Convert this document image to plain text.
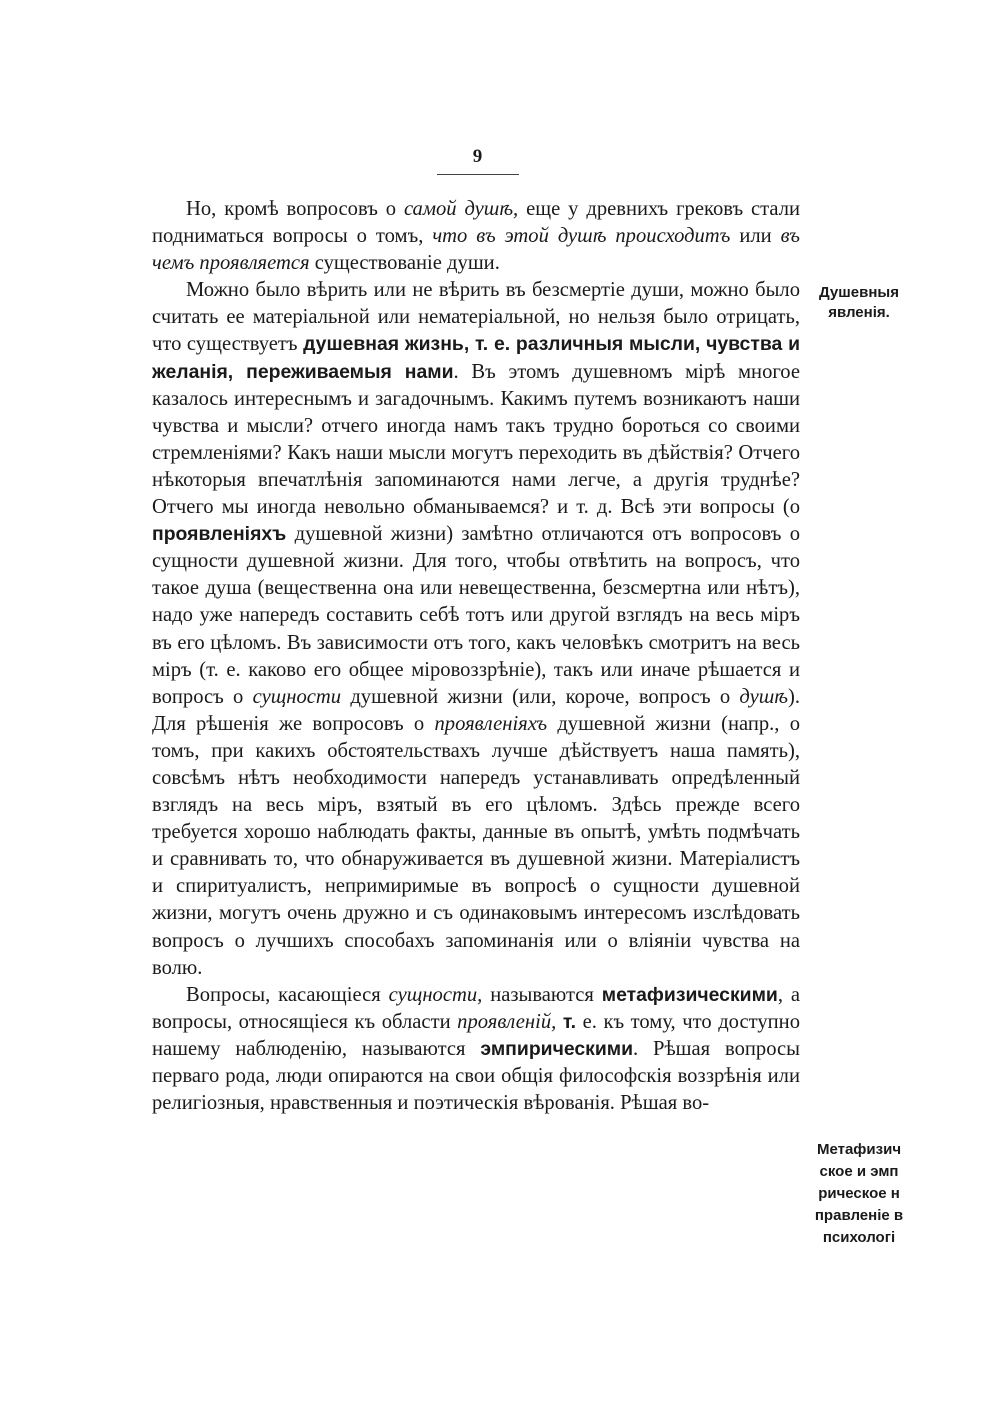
9

Но, кромѣ вопросовъ о самой душѣ, еще у древнихъ грековъ стали подниматься вопросы о томъ, что въ этой душѣ происходитъ или въ чемъ проявляется существованіе души.

Можно было вѣрить или не вѣрить въ безсмертіе души, можно было считать ее матеріальной или нематеріальной, но нельзя было отрицать, что существуетъ душевная жизнь, т. е. различныя мысли, чувства и желанія, переживаемыя нами. Въ этомъ душевномъ мірѣ многое казалось интереснымъ и загадочнымъ. Какимъ путемъ возникаютъ наши чувства и мысли? отчего иногда намъ такъ трудно бороться со своими стремленіями? Какъ наши мысли могутъ переходить въ дѣйствія? Отчего нѣкоторыя впечатлѣнія запоминаются нами легче, а другія труднѣе? Отчего мы иногда невольно обманываемся? и т. д. Всѣ эти вопросы (о проявленіяхъ душевной жизни) замѣтно отличаются отъ вопросовъ о сущности душевной жизни. Для того, чтобы отвѣтить на вопросъ, что такое душа (вещественна она или невещественна, безсмертна или нѣтъ), надо уже напередъ составить себѣ тотъ или другой взглядъ на весь міръ въ его цѣломъ. Въ зависимости отъ того, какъ человѣкъ смотритъ на весь міръ (т. е. каково его общее міровоззрѣніе), такъ или иначе рѣшается и вопросъ о сущности душевной жизни (или, короче, вопросъ о душѣ). Для рѣшенія же вопросовъ о проявленіяхъ душевной жизни (напр., о томъ, при какихъ обстоятельствахъ лучше дѣйствуетъ наша память), совсѣмъ нѣтъ необходимости напередъ устанавливать опредѣленный взглядъ на весь міръ, взятый въ его цѣломъ. Здѣсь прежде всего требуется хорошо наблюдать факты, данные въ опытѣ, умѣть подмѣчать и сравнивать то, что обнаруживается въ душевной жизни. Матеріалистъ и спиритуалистъ, непримиримые въ вопросѣ о сущности душевной жизни, могутъ очень дружно и съ одинаковымъ интересомъ изслѣдовать вопросъ о лучшихъ способахъ запоминанія или о вліяніи чувства на волю.

Вопросы, касающіеся сущности, называются метафизическими, а вопросы, относящіеся къ области проявленій, т. е. къ тому, что доступно нашему наблюденію, называются эмпирическими. Рѣшая вопросы перваго рода, люди опираются на свои общія философскія воззрѣнія или религіозныя, нравственныя и поэтическія вѣрованія. Рѣшая во-

Душевныя
явленія.
Метафизич
ское и эмп
рическое н
правленіе в
психологі
